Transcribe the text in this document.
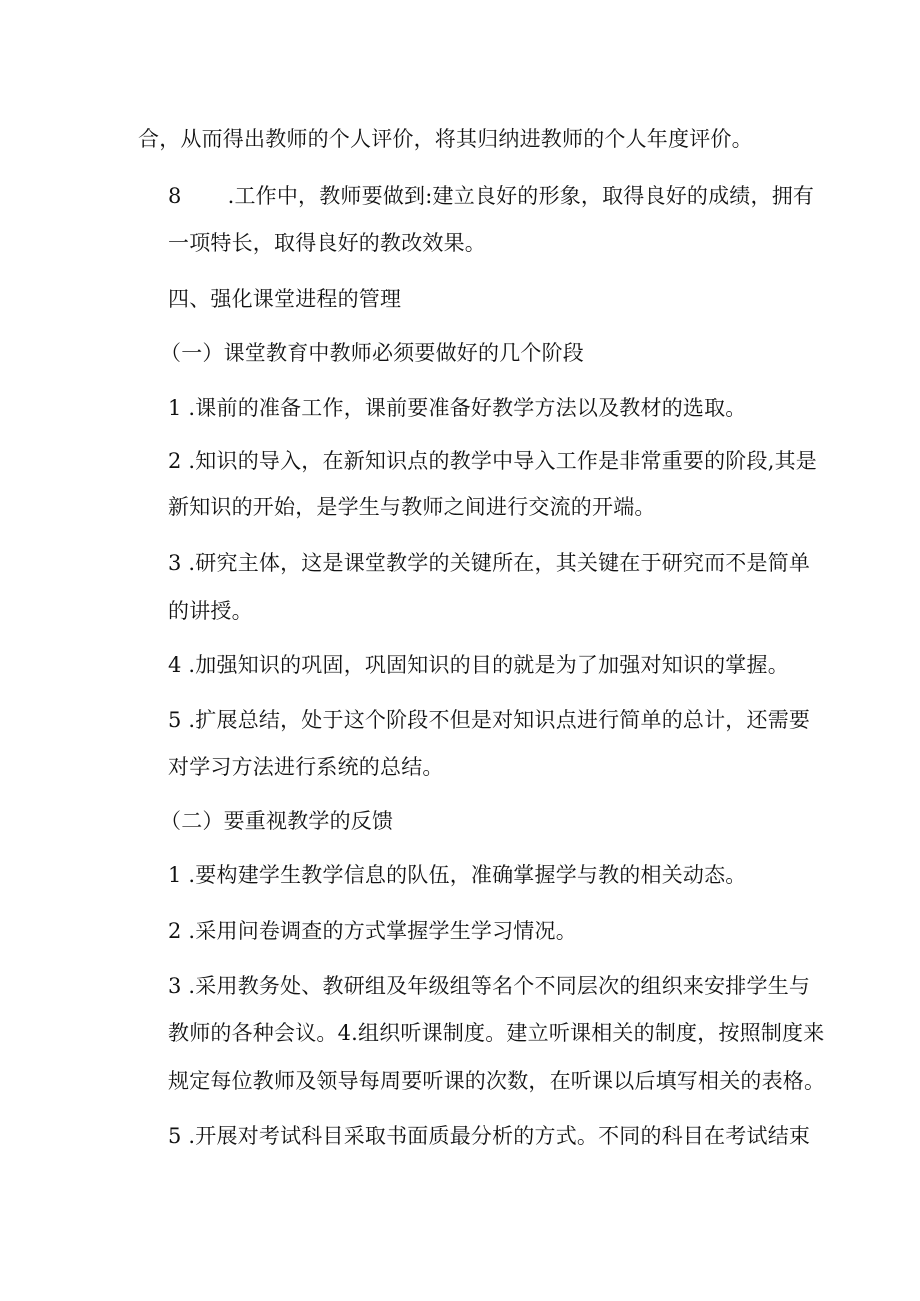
合，从而得出教师的个人评价，将其归纳进教师的个人年度评价。
8 .工作中，教师要做到:建立良好的形象，取得良好的成绩，拥有
一项特长，取得良好的教改效果。
四、强化课堂进程的管理
（一）课堂教育中教师必须要做好的几个阶段
1 .课前的准备工作，课前要准备好教学方法以及教材的选取。
2 .知识的导入，在新知识点的教学中导入工作是非常重要的阶段,其是
新知识的开始，是学生与教师之间进行交流的开端。
3 .研究主体，这是课堂教学的关键所在，其关键在于研究而不是简单
的讲授。
4 .加强知识的巩固，巩固知识的目的就是为了加强对知识的掌握。
5 .扩展总结，处于这个阶段不但是对知识点进行简单的总计，还需要
对学习方法进行系统的总结。
（二）要重视教学的反馈
1 .要构建学生教学信息的队伍，准确掌握学与教的相关动态。
2 .采用问卷调查的方式掌握学生学习情况。
3 .采用教务处、教研组及年级组等名个不同层次的组织来安排学生与
教师的各种会议。4.组织听课制度。建立听课相关的制度，按照制度来
规定每位教师及领导每周要听课的次数，在听课以后填写相关的表格。
5 .开展对考试科目采取书面质最分析的方式。不同的科目在考试结束
